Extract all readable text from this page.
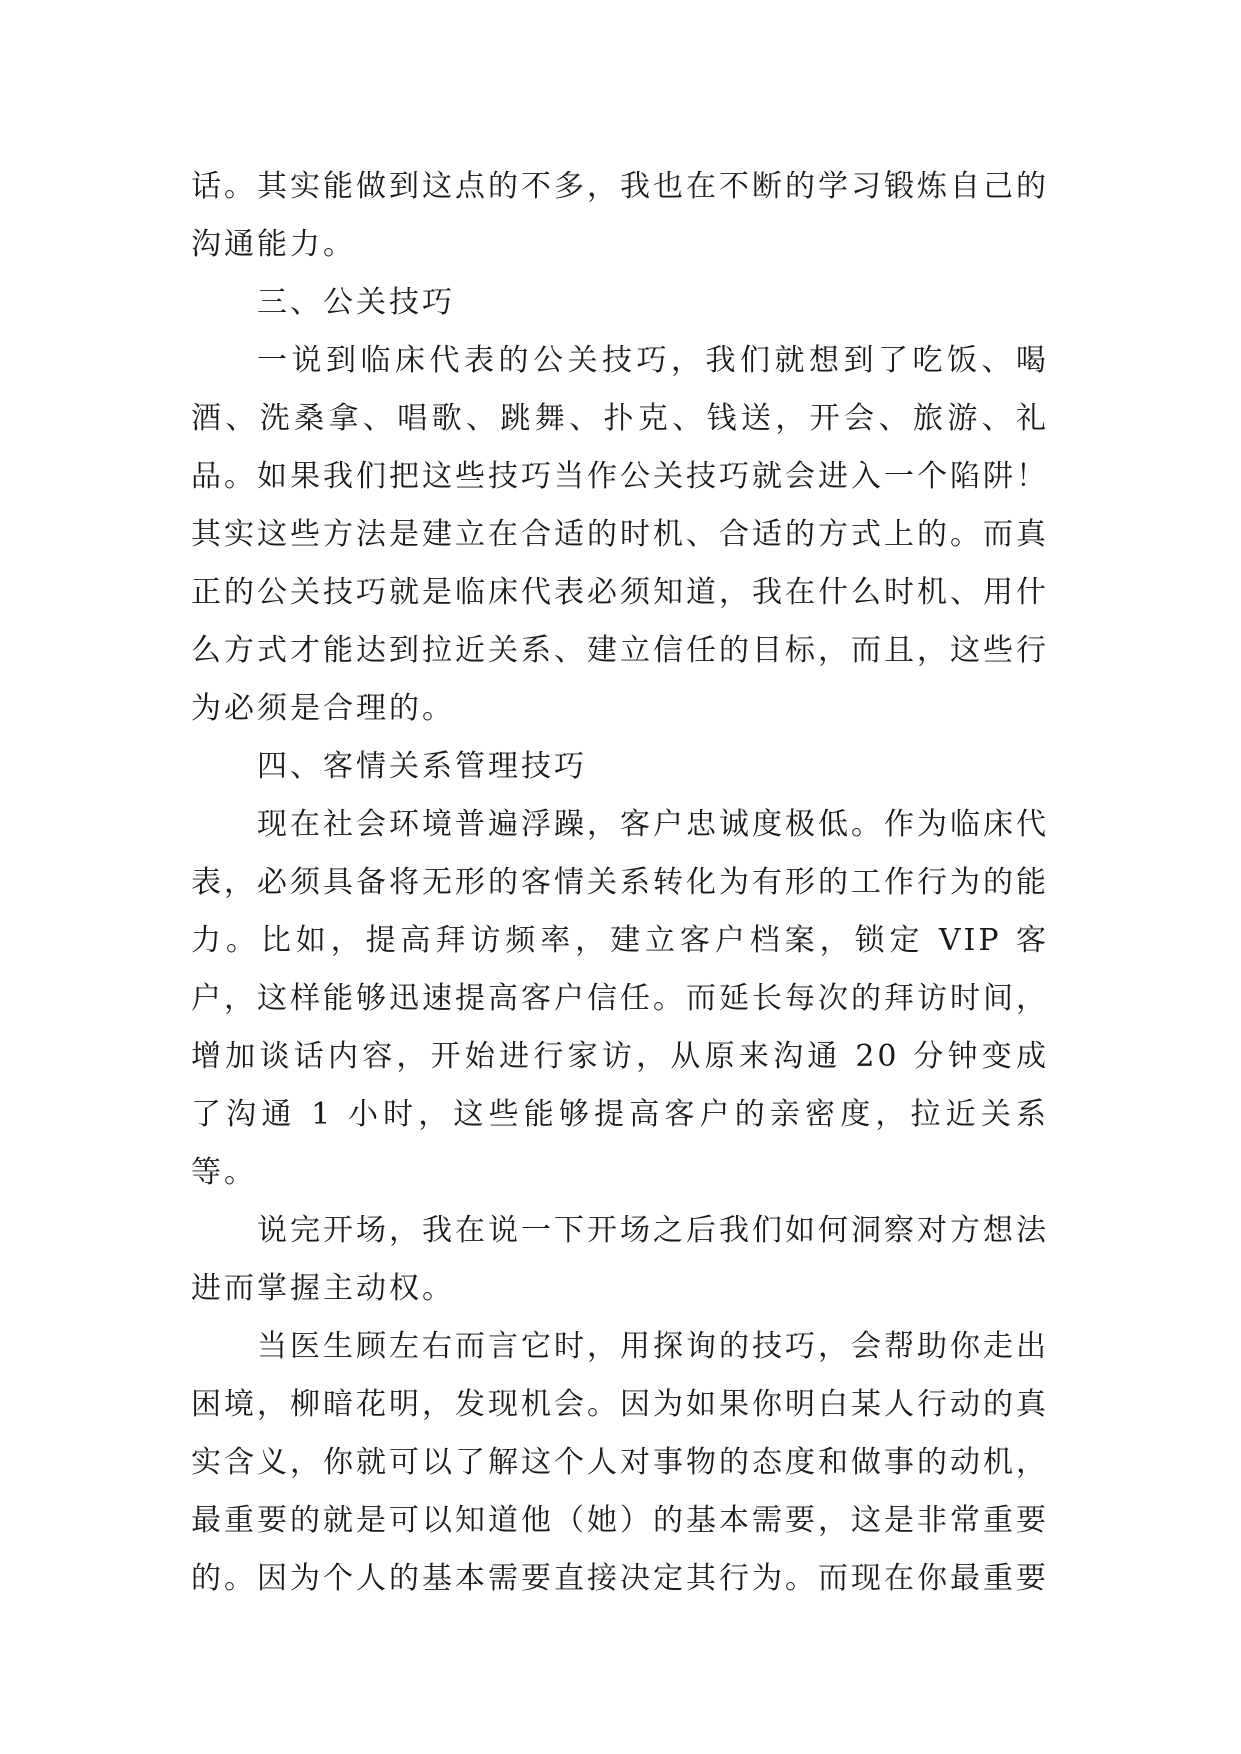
话。其实能做到这点的不多，我也在不断的学习锻炼自己的沟通能力。

三、公关技巧

一说到临床代表的公关技巧，我们就想到了吃饭、喝酒、洗桑拿、唱歌、跳舞、扑克、钱送，开会、旅游、礼品。如果我们把这些技巧当作公关技巧就会进入一个陷阱！其实这些方法是建立在合适的时机、合适的方式上的。而真正的公关技巧就是临床代表必须知道，我在什么时机、用什么方式才能达到拉近关系、建立信任的目标，而且，这些行为必须是合理的。

四、客情关系管理技巧

现在社会环境普遍浮躁，客户忠诚度极低。作为临床代表，必须具备将无形的客情关系转化为有形的工作行为的能力。比如，提高拜访频率，建立客户档案，锁定 VIP 客户，这样能够迅速提高客户信任。而延长每次的拜访时间，增加谈话内容，开始进行家访，从原来沟通 20 分钟变成了沟通 1 小时，这些能够提高客户的亲密度，拉近关系等。

说完开场，我在说一下开场之后我们如何洞察对方想法进而掌握主动权。

当医生顾左右而言它时，用探询的技巧，会帮助你走出困境，柳暗花明，发现机会。因为如果你明白某人行动的真实含义，你就可以了解这个人对事物的态度和做事的动机，最重要的就是可以知道他（她）的基本需要，这是非常重要的。因为个人的基本需要直接决定其行为。而现在你最重要
